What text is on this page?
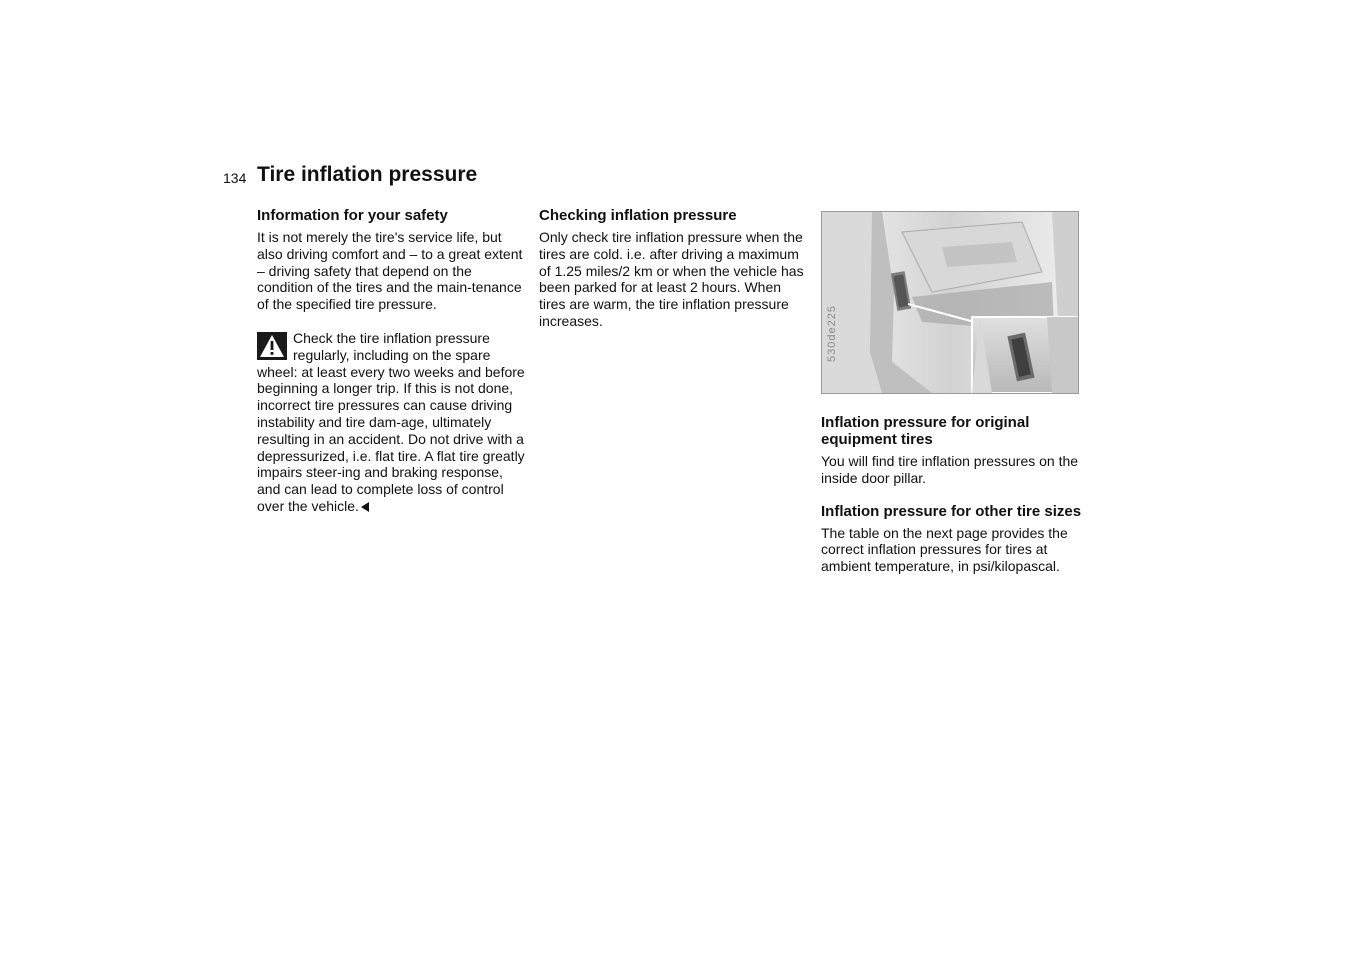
134 Tire inflation pressure
Information for your safety

It is not merely the tire's service life, but also driving comfort and – to a great extent – driving safety that depend on the condition of the tires and the main-tenance of the specified tire pressure.

Check the tire inflation pressure regularly, including on the spare wheel: at least every two weeks and before beginning a longer trip. If this is not done, incorrect tire pressures can cause driving instability and tire dam-age, ultimately resulting in an accident. Do not drive with a depressurized, i.e. flat tire. A flat tire greatly impairs steer-ing and braking response, and can lead to complete loss of control over the vehicle.

Checking inflation pressure

Only check tire inflation pressure when the tires are cold. i.e. after driving a maximum of 1.25 miles/2 km or when the vehicle has been parked for at least 2 hours. When tires are warm, the tire inflation pressure increases.	530de225
Inflation pressure for original equipment tires

You will find tire inflation pressures on the inside door pillar.

Inflation pressure for other tire sizes

The table on the next page provides the correct inflation pressures for tires at ambient temperature, in psi/kilopascal.
